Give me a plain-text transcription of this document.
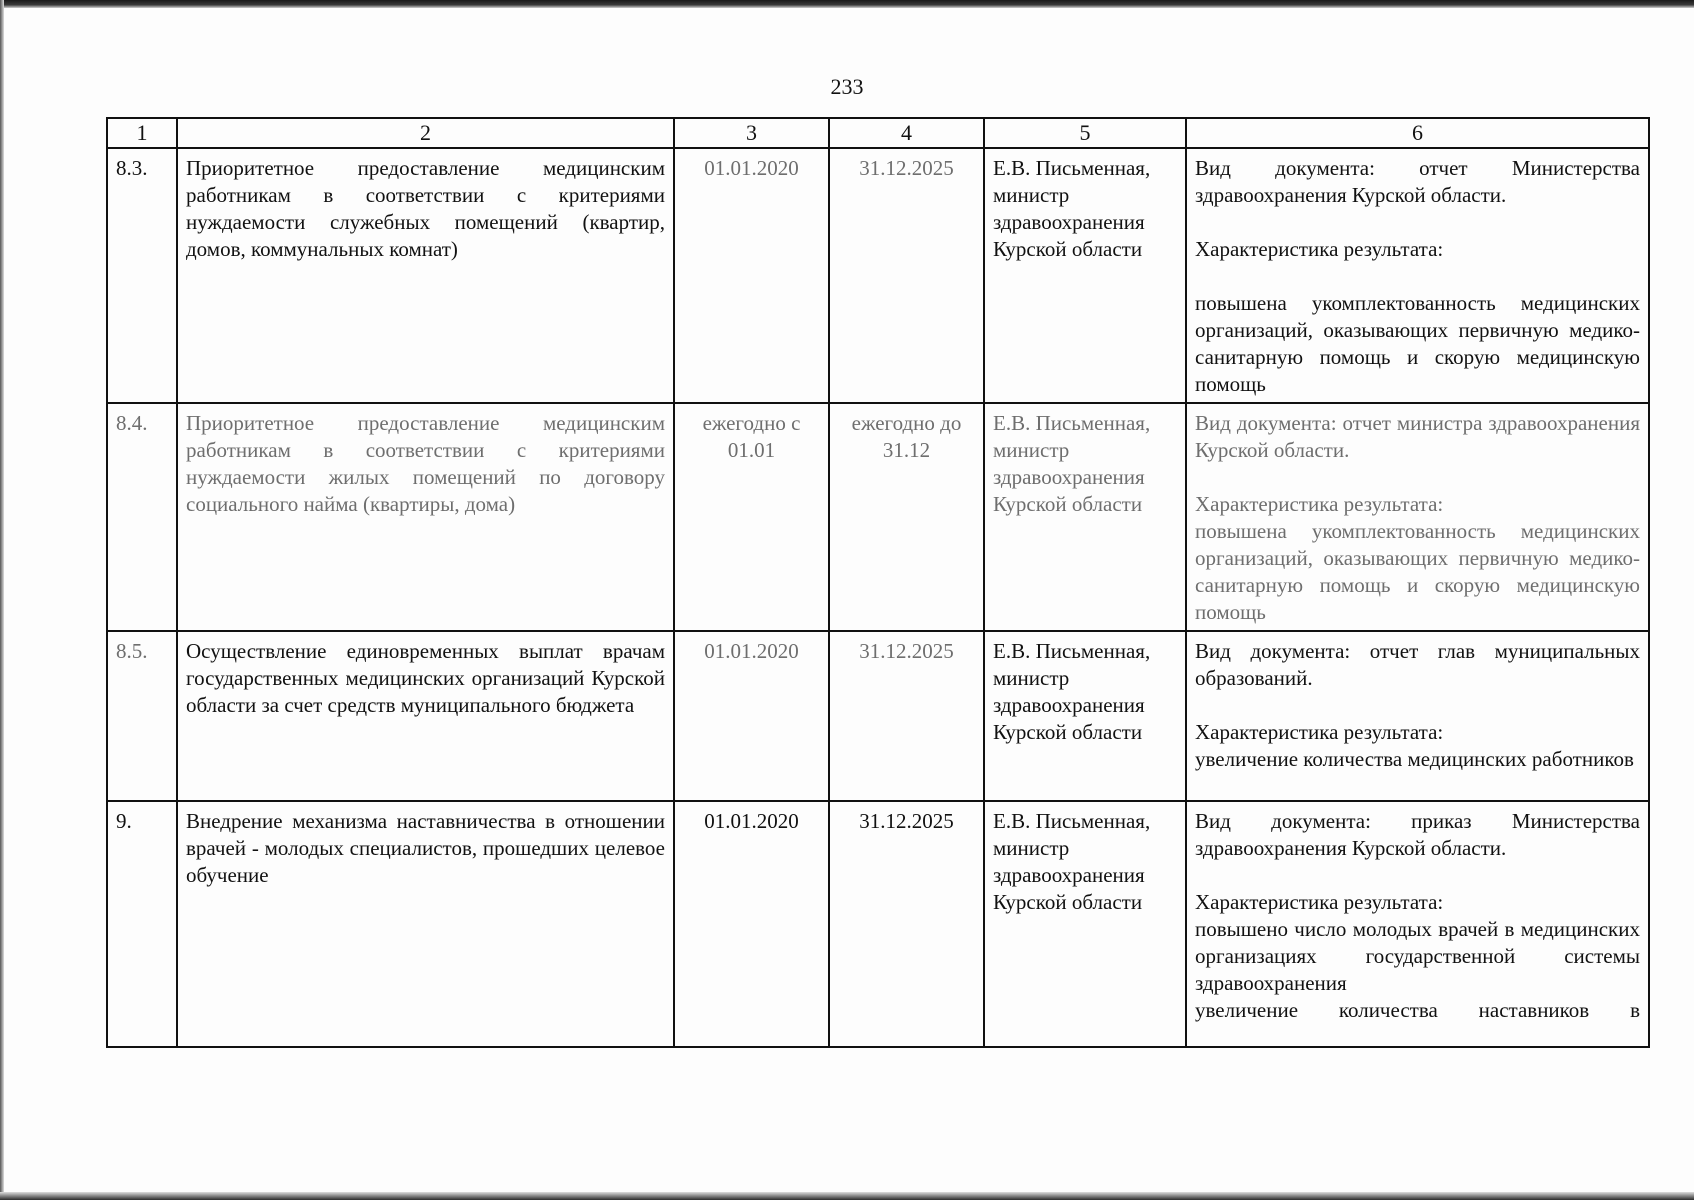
233
1	2	3	4	5	6
8.3.	Приоритетное предоставление медицинским работникам в соответствии с критериями нуждаемости служебных помещений (квартир, домов, коммунальных комнат)	01.01.2020	31.12.2025	Е.В. Письменная, министр здравоохранения Курской области	Вид документа: отчет Министерства здравоохранения Курской области.
Характеристика результата:
повышена укомплектованность медицинских организаций, оказывающих первичную медико-санитарную помощь и скорую медицинскую помощь

8.4.	Приоритетное предоставление медицинским работникам в соответствии с критериями нуждаемости жилых помещений по договору социального найма (квартиры, дома)	ежегодно с 01.01	ежегодно до 31.12	Е.В. Письменная, министр здравоохранения Курской области	Вид документа: отчет министра здравоохранения Курской области.
Характеристика результата:
повышена укомплектованность медицинских организаций, оказывающих первичную медико-санитарную помощь и скорую медицинскую помощь

8.5.	Осуществление единовременных выплат врачам государственных медицинских организаций Курской области за счет средств муниципального бюджета	01.01.2020	31.12.2025	Е.В. Письменная, министр здравоохранения Курской области	Вид документа: отчет глав муниципальных образований.
Характеристика результата:
увеличение количества медицинских работников

9.	Внедрение механизма наставничества в отношении врачей - молодых специалистов, прошедших целевое обучение	01.01.2020	31.12.2025	Е.В. Письменная, министр здравоохранения Курской области	Вид документа: приказ Министерства здравоохранения Курской области.
Характеристика результата:
повышено число молодых врачей в медицинских организациях государственной системы здравоохранения
увеличение количества наставников в
